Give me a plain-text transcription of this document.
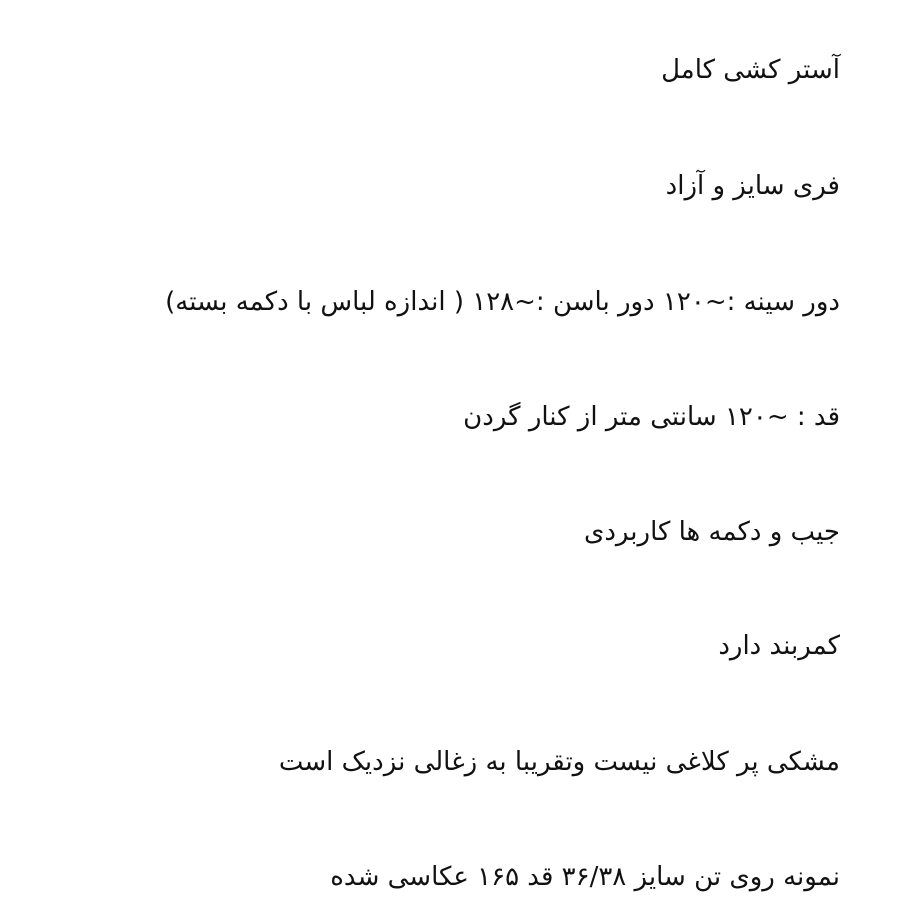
آستر کشی کامل
فری سایز و آزاد
دور سینه :~۱۲۰ دور باسن :~۱۲۸ ( اندازه لباس با دکمه بسته)
قد : ~۱۲۰ سانتی متر از کنار گردن
جیب و دکمه ها کاربردی
کمربند دارد
مشکی پر کلاغی نیست وتقریبا به زغالی نزدیک است
نمونه روی تن سایز ۳۶/۳۸ قد ۱۶۵ عکاسی شده
